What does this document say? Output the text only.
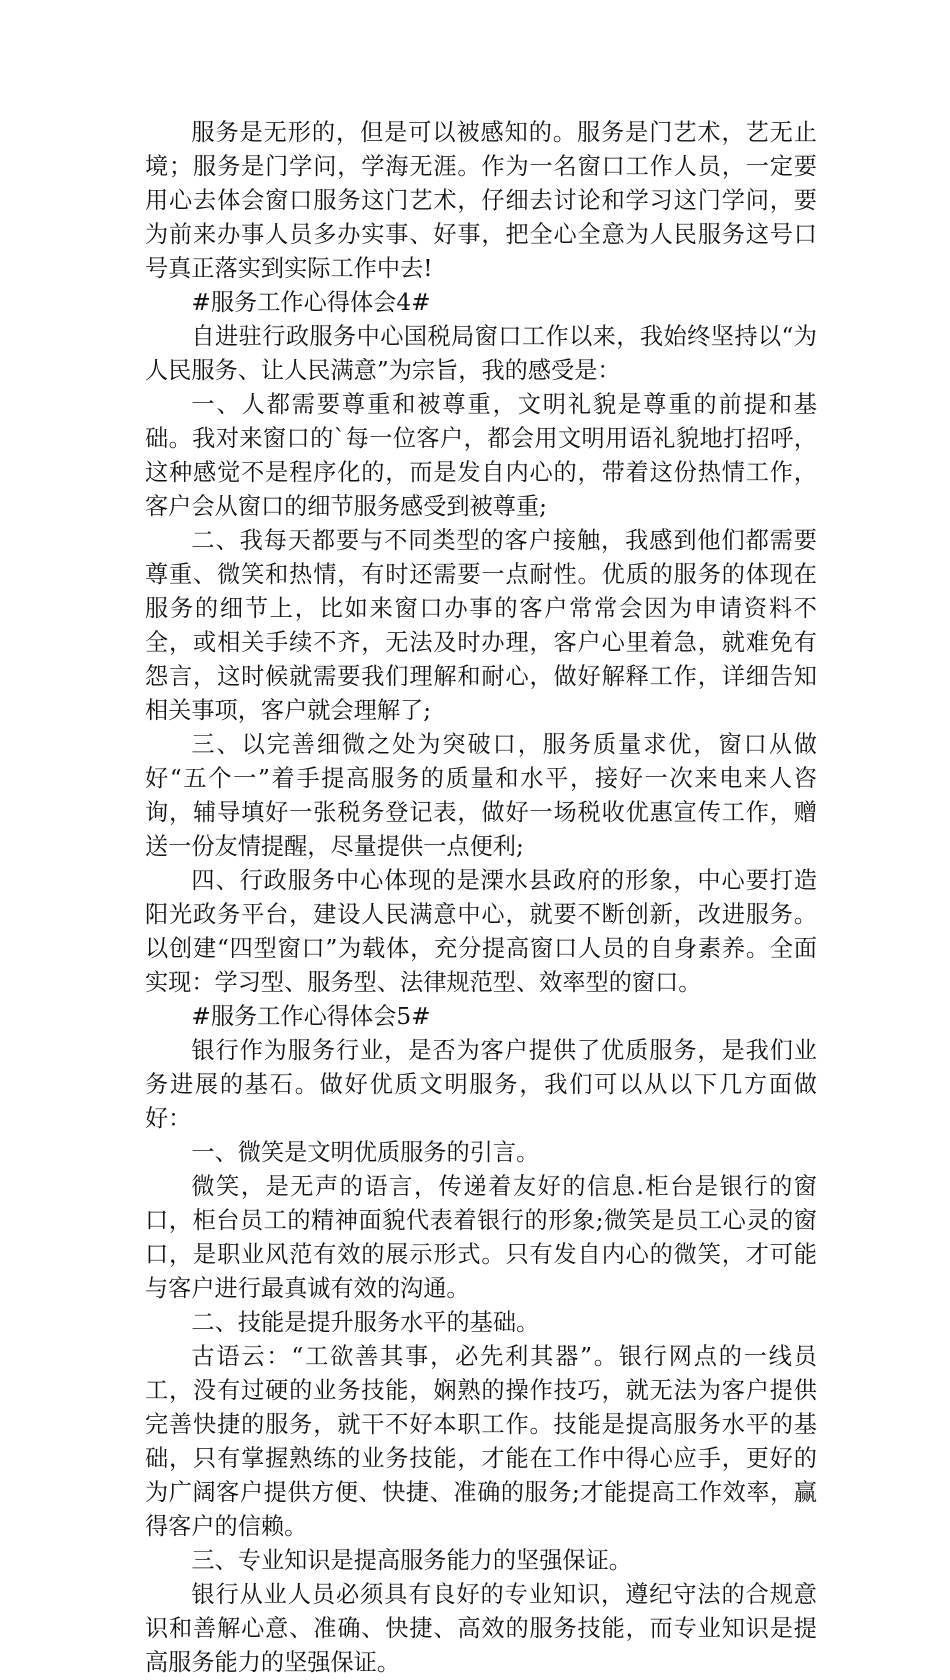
服务是无形的，但是可以被感知的。服务是门艺术，艺无止境；服务是门学问，学海无涯。作为一名窗口工作人员，一定要用心去体会窗口服务这门艺术，仔细去讨论和学习这门学问，要为前来办事人员多办实事、好事，把全心全意为人民服务这号口号真正落实到实际工作中去!

#服务工作心得体会4#

自进驻行政服务中心国税局窗口工作以来，我始终坚持以“为人民服务、让人民满意”为宗旨，我的感受是：

一、人都需要尊重和被尊重，文明礼貌是尊重的前提和基础。我对来窗口的`每一位客户，都会用文明用语礼貌地打招呼，这种感觉不是程序化的，而是发自内心的，带着这份热情工作，客户会从窗口的细节服务感受到被尊重;

二、我每天都要与不同类型的客户接触，我感到他们都需要尊重、微笑和热情，有时还需要一点耐性。优质的服务的体现在服务的细节上，比如来窗口办事的客户常常会因为申请资料不全，或相关手续不齐，无法及时办理，客户心里着急，就难免有怨言，这时候就需要我们理解和耐心，做好解释工作，详细告知相关事项，客户就会理解了;

三、以完善细微之处为突破口，服务质量求优，窗口从做好“五个一”着手提高服务的质量和水平，接好一次来电来人咨询，辅导填好一张税务登记表，做好一场税收优惠宣传工作，赠送一份友情提醒，尽量提供一点便利;

四、行政服务中心体现的是溧水县政府的形象，中心要打造阳光政务平台，建设人民满意中心，就要不断创新，改进服务。以创建“四型窗口”为载体，充分提高窗口人员的自身素养。全面实现：学习型、服务型、法律规范型、效率型的窗口。

#服务工作心得体会5#

银行作为服务行业，是否为客户提供了优质服务，是我们业务进展的基石。做好优质文明服务，我们可以从以下几方面做好：

一、微笑是文明优质服务的引言。

微笑，是无声的语言，传递着友好的信息.柜台是银行的窗口，柜台员工的精神面貌代表着银行的形象;微笑是员工心灵的窗口，是职业风范有效的展示形式。只有发自内心的微笑，才可能与客户进行最真诚有效的沟通。

二、技能是提升服务水平的基础。

古语云：“工欲善其事，必先利其器”。银行网点的一线员工，没有过硬的业务技能，娴熟的操作技巧，就无法为客户提供完善快捷的服务，就干不好本职工作。技能是提高服务水平的基础，只有掌握熟练的业务技能，才能在工作中得心应手，更好的为广阔客户提供方便、快捷、准确的服务;才能提高工作效率，赢得客户的信赖。

三、专业知识是提高服务能力的坚强保证。

银行从业人员必须具有良好的专业知识，遵纪守法的合规意识和善解心意、准确、快捷、高效的服务技能，而专业知识是提高服务能力的坚强保证。
